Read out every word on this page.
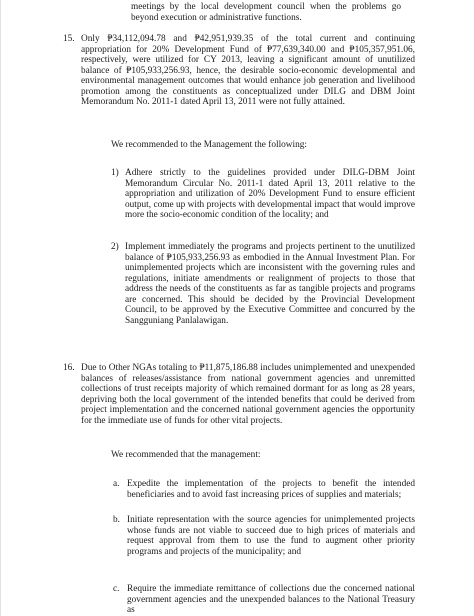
meetings by the local development council when the problems go beyond execution or administrative functions.

15. Only ₱34,112,094.78 and ₱42,951,939.35 of the total current and continuing appropriation for 20% Development Fund of ₱77,639,340.00 and ₱105,357,951.06, respectively, were utilized for CY 2013, leaving a significant amount of unutilized balance of ₱105,933,256.93, hence, the desirable socio-economic developmental and environmental management outcomes that would enhance job generation and livelihood promotion among the constituents as conceptualized under DILG and DBM Joint Memorandum No. 2011-1 dated April 13, 2011 were not fully attained.

We recommended to the Management the following:

1) Adhere strictly to the guidelines provided under DILG-DBM Joint Memorandum Circular No. 2011-1 dated April 13, 2011 relative to the appropriation and utilization of 20% Development Fund to ensure efficient output, come up with projects with developmental impact that would improve more the socio-economic condition of the locality; and

2) Implement immediately the programs and projects pertinent to the unutilized balance of ₱105,933,256.93 as embodied in the Annual Investment Plan. For unimplemented projects which are inconsistent with the governing rules and regulations, initiate amendments or realignment of projects to those that address the needs of the constituents as far as tangible projects and programs are concerned. This should be decided by the Provincial Development Council, to be approved by the Executive Committee and concurred by the Sangguniang Panlalawigan.

16. Due to Other NGAs totaling to ₱11,875,186.88 includes unimplemented and unexpended balances of releases/assistance from national government agencies and unremitted collections of trust receipts majority of which remained dormant for as long as 28 years, depriving both the local government of the intended benefits that could be derived from project implementation and the concerned national government agencies the opportunity for the immediate use of funds for other vital projects.

We recommended that the management:

a. Expedite the implementation of the projects to benefit the intended beneficiaries and to avoid fast increasing prices of supplies and materials;

b. Initiate representation with the source agencies for unimplemented projects whose funds are not viable to succeed due to high prices of materials and request approval from them to use the fund to augment other priority programs and projects of the municipality; and

c. Require the immediate remittance of collections due the concerned national government agencies and the unexpended balances to the National Treasury as
